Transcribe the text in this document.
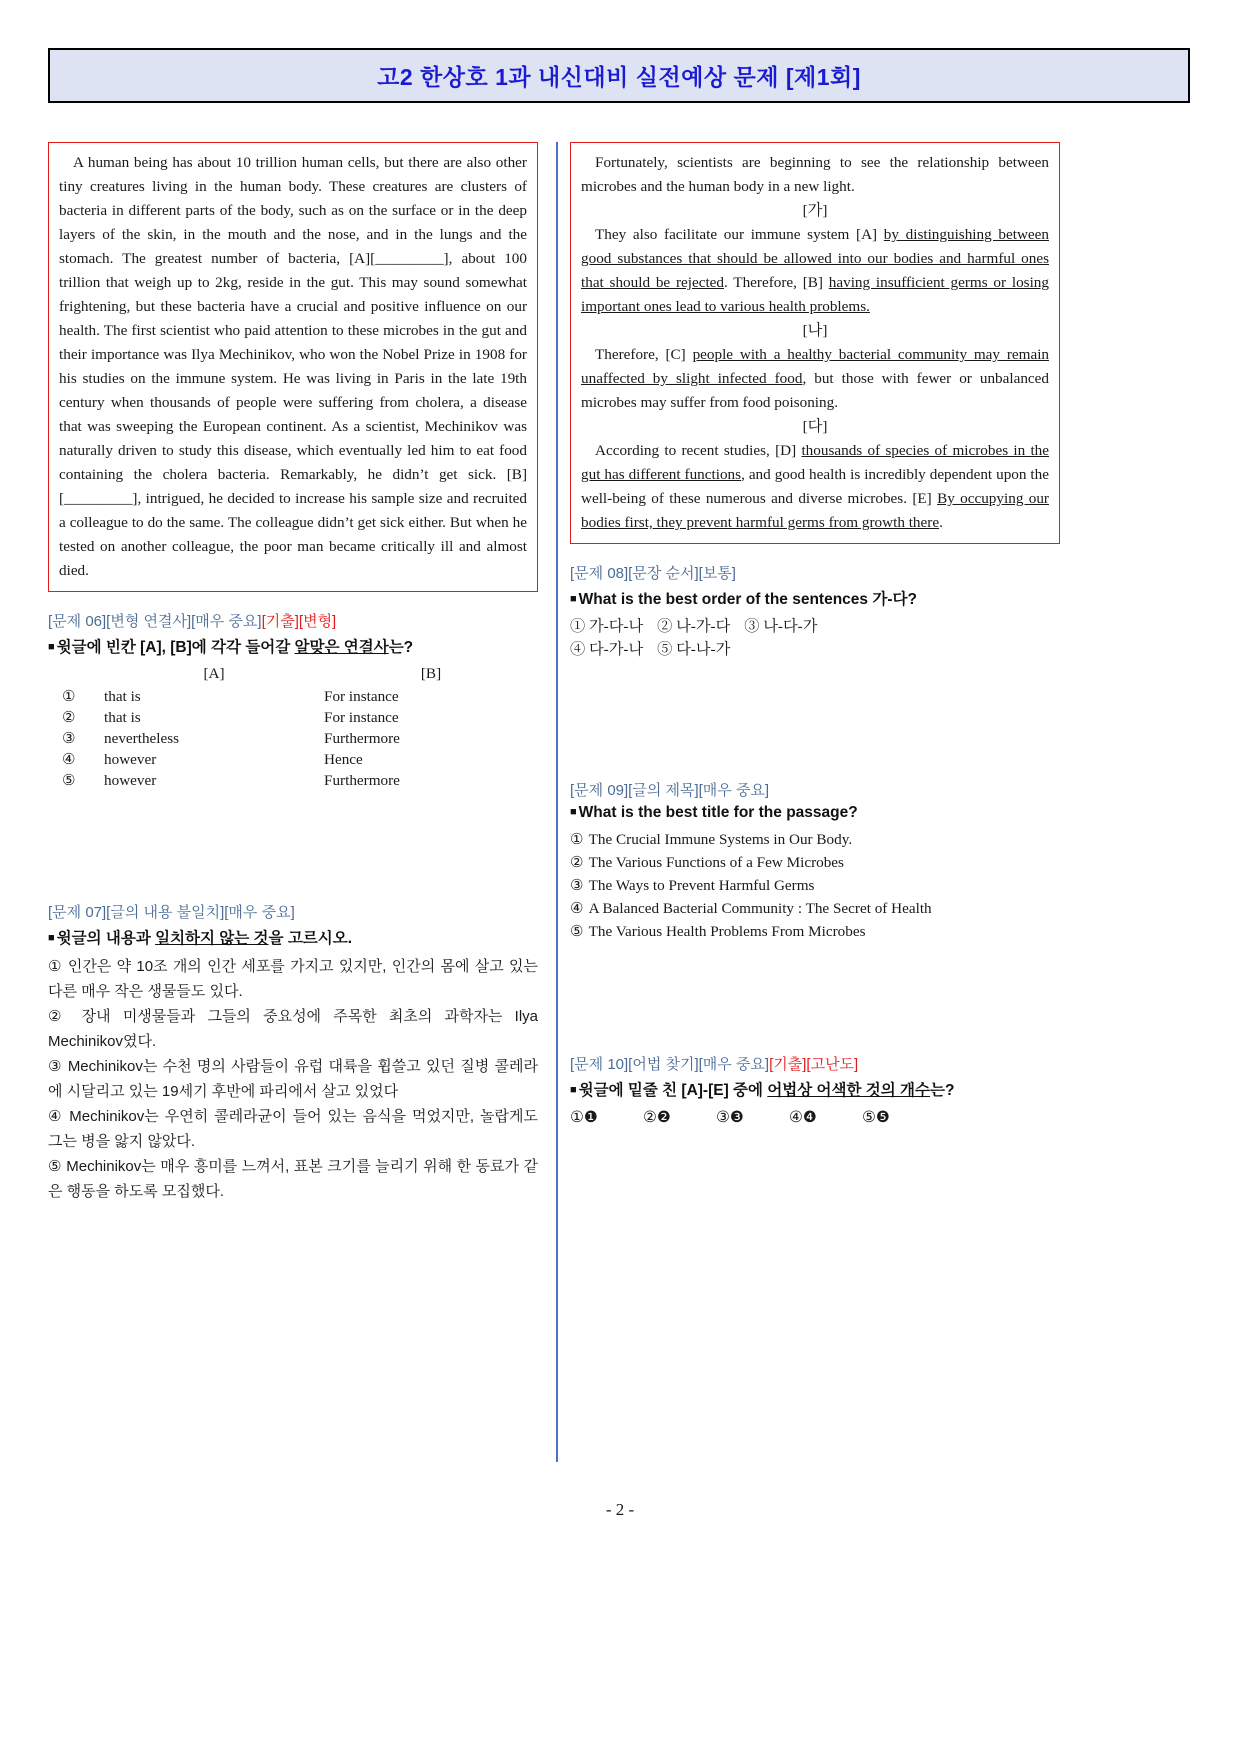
고2 한상호 1과 내신대비 실전예상 문제 [제1회]

A human being has about 10 trillion human cells, but there are also other tiny creatures living in the human body. These creatures are clusters of bacteria in different parts of the body, such as on the surface or in the deep layers of the skin, in the mouth and the nose, and in the lungs and the stomach. The greatest number of bacteria, [A][_________], about 100 trillion that weigh up to 2kg, reside in the gut. This may sound somewhat frightening, but these bacteria have a crucial and positive influence on our health. The first scientist who paid attention to these microbes in the gut and their importance was Ilya Mechinikov, who won the Nobel Prize in 1908 for his studies on the immune system. He was living in Paris in the late 19th century when thousands of people were suffering from cholera, a disease that was sweeping the European continent. As a scientist, Mechinikov was naturally driven to study this disease, which eventually led him to eat food containing the cholera bacteria. Remarkably, he didn’t get sick. [B][_________], intrigued, he decided to increase his sample size and recruited a colleague to do the same. The colleague didn’t get sick either. But when he tested on another colleague, the poor man became critically ill and almost died.

[문제 06][변형 연결사][매우 중요][기출][변형]
■ 윗글에 빈칸 [A], [B]에 각각 들어갈 알맞은 연결사는?
	[A]	[B]
①	that is	For instance
②	that is	For instance
③	nevertheless	Furthermore
④	however	Hence
⑤	however	Furthermore
[문제 07][글의 내용 불일치][매우 중요]
■ 윗글의 내용과 일치하지 않는 것을 고르시오.

① 인간은 약 10조 개의 인간 세포를 가지고 있지만, 인간의 몸에 살고 있는 다른 매우 작은 생물들도 있다.

② 장내 미생물들과 그들의 중요성에 주목한 최초의 과학자는 Ilya Mechinikov였다.

③ Mechinikov는 수천 명의 사람들이 유럽 대륙을 휩쓸고 있던 질병 콜레라에 시달리고 있는 19세기 후반에 파리에서 살고 있었다

④ Mechinikov는 우연히 콜레라균이 들어 있는 음식을 먹었지만, 놀랍게도 그는 병을 앓지 않았다.

⑤ Mechinikov는 매우 흥미를 느껴서, 표본 크기를 늘리기 위해 한 동료가 같은 행동을 하도록 모집했다.

Fortunately, scientists are beginning to see the relationship between microbes and the human body in a new light.

[가]

They also facilitate our immune system [A] by distinguishing between good substances that should be allowed into our bodies and harmful ones that should be rejected. Therefore, [B] having insufficient germs or losing important ones lead to various health problems.

[나]

Therefore, [C] people with a healthy bacterial community may remain unaffected by slight infected food, but those with fewer or unbalanced microbes may suffer from food poisoning.

[다]

According to recent studies, [D] thousands of species of microbes in the gut has different functions, and good health is incredibly dependent upon the well-being of these numerous and diverse microbes. [E] By occupying our bodies first, they prevent harmful germs from growth there.

[문제 08][문장 순서][보통]
■ What is the best order of the sentences 가-다?

① 가-다-나 ② 나-가-다 ③ 나-다-가

④ 다-가-나 ⑤ 다-나-가

[문제 09][글의 제목][매우 중요]
■ What is the best title for the passage?

① The Crucial Immune Systems in Our Body.

② The Various Functions of a Few Microbes

③ The Ways to Prevent Harmful Germs

④ A Balanced Bacterial Community : The Secret of Health

⑤ The Various Health Problems From Microbes

[문제 10][어법 찾기][매우 중요][기출][고난도]
■ 윗글에 밑줄 친 [A]-[E] 중에 어법상 어색한 것의 개수는?

①❶	②❷	③❸	④❹	⑤❺

- 2 -
